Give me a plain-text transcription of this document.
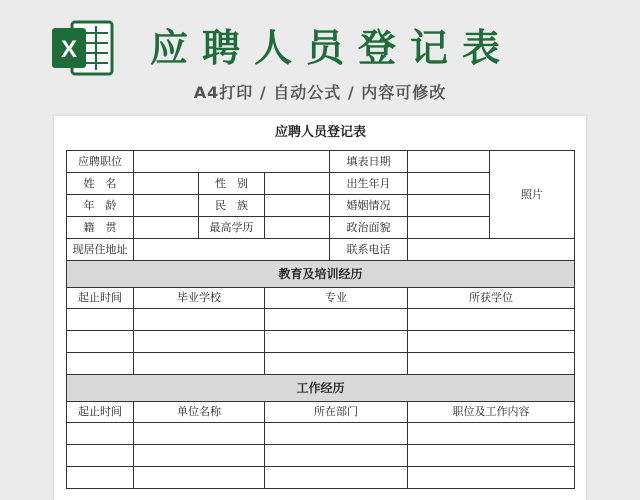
X 应聘人员登记表
A4打印 / 自动公式 / 内容可修改
应聘人员登记表						
应聘职位				填表日期		照片
姓　名		性　别		出生年月		
年　龄		民　族		婚姻情况		
籍　贯		最高学历		政治面貌		
现居住地址				联系电话		
教育及培训经历						
起止时间	毕业学校		专业		所获学位	

工作经历						
起止时间	单位名称		所在部门		职位及工作内容	
